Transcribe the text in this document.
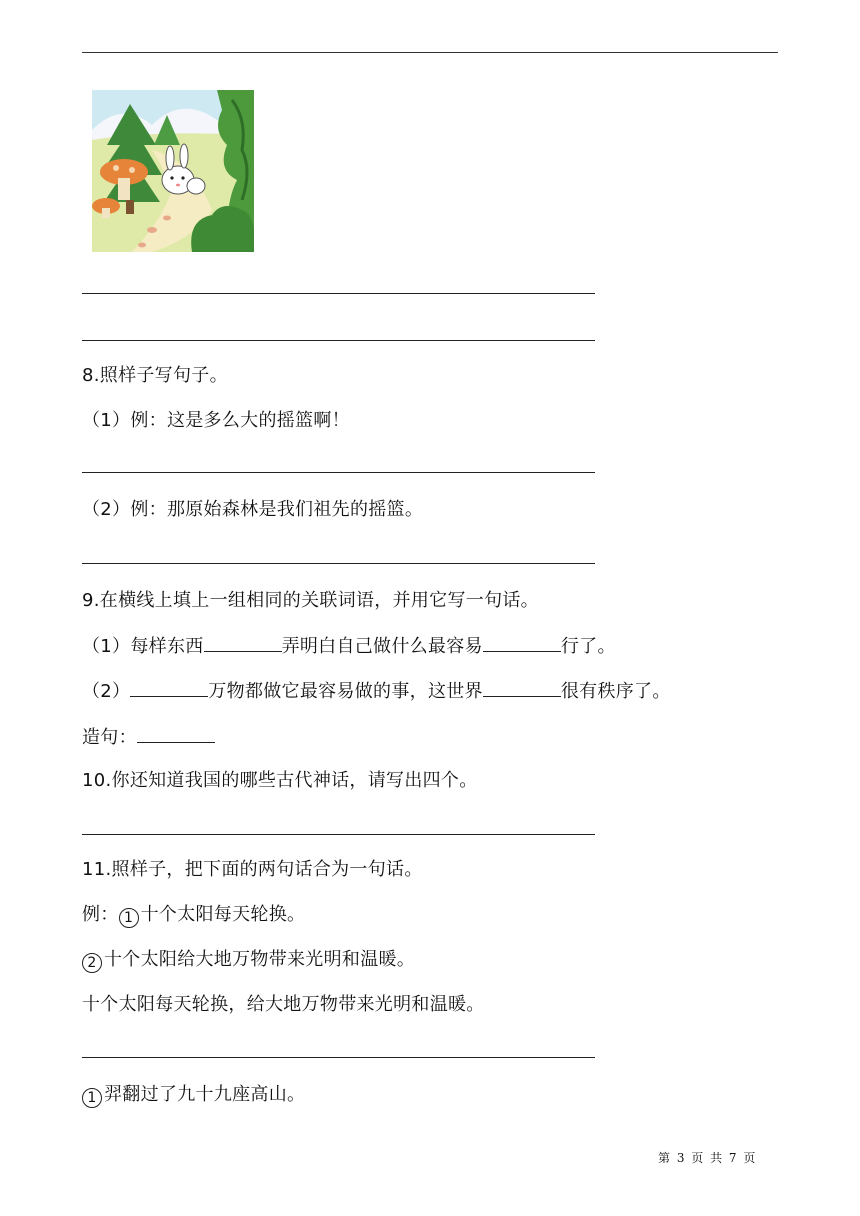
8.照样子写句子。
（1）例：这是多么大的摇篮啊！
（2）例：那原始森林是我们祖先的摇篮。
9.在横线上填上一组相同的关联词语，并用它写一句话。
（1）每样东西	弄明白自己做什么最容易	行了。
（2）	万物都做它最容易做的事，这世界	很有秩序了。
造句：
10.你还知道我国的哪些古代神话，请写出四个。
11.照样子，把下面的两句话合为一句话。
例： 1 十个太阳每天轮换。
2 十个太阳给大地万物带来光明和温暖。
十个太阳每天轮换，给大地万物带来光明和温暖。
1 羿翻过了九十九座高山。
第 3 页 共 7 页
